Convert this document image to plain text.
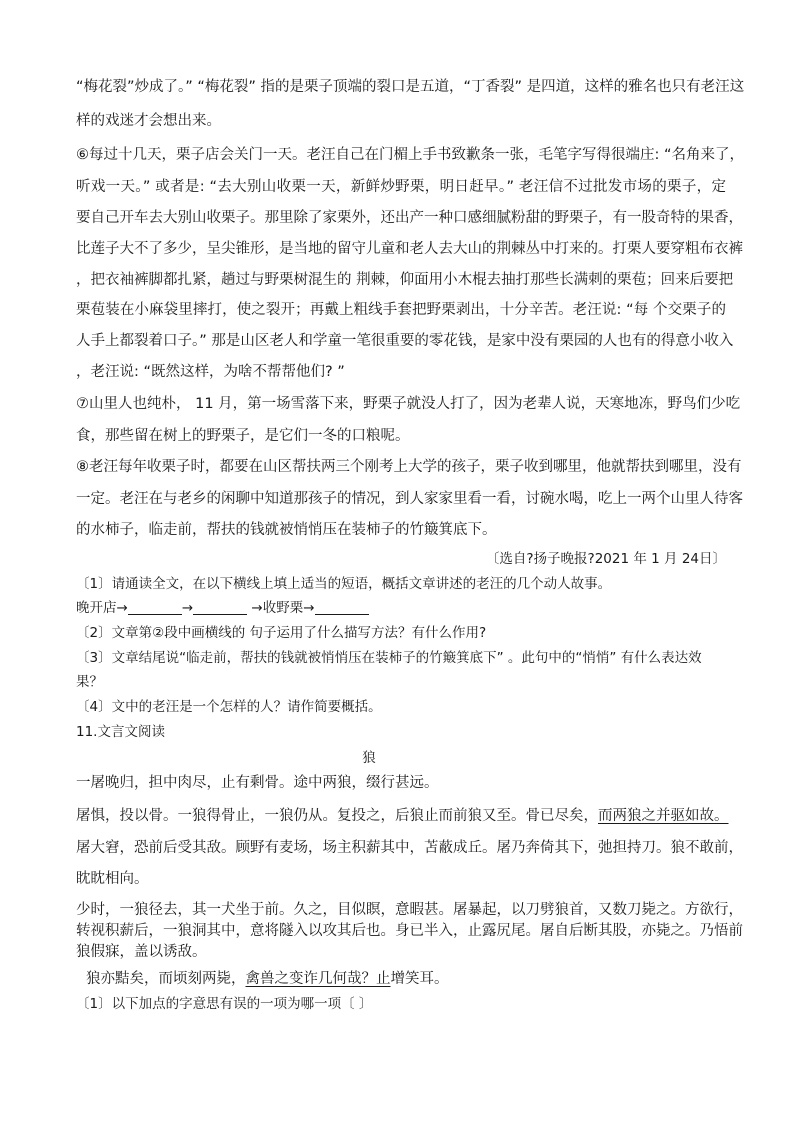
“梅花裂”炒成了。” “梅花裂” 指的是栗子顶端的裂口是五道，“丁香裂” 是四道，这样的雅名也只有老汪这
样的戏迷才会想出来。
⑥每过十几天，栗子店会关门一天。老汪自己在门楣上手书致歉条一张，毛笔字写得很端庄: “名角来了，
听戏一天。” 或者是: “去大别山收栗一天，新鲜炒野栗，明日赶早。” 老汪信不过批发市场的栗子，定
要自己开车去大别山收栗子。那里除了家栗外，还出产一种口感细腻粉甜的野栗子，有一股奇特的果香，
比莲子大不了多少，呈尖锥形，是当地的留守儿童和老人去大山的荆棘丛中打来的。打栗人要穿粗布衣裤
，把衣袖裤脚都扎紧，趟过与野栗树混生的 荆棘，仰面用小木棍去抽打那些长满刺的栗苞；回来后要把
栗苞装在小麻袋里摔打，使之裂开；再戴上粗线手套把野栗剥出，十分辛苦。老汪说: “每 个交栗子的
人手上都裂着口子。” 那是山区老人和学童一笔很重要的零花钱，是家中没有栗园的人也有的得意小收入
，老汪说: “既然这样，为啥不帮帮他们? ”
⑦山里人也纯朴， 11 月，第一场雪落下来，野栗子就没人打了，因为老辈人说，天寒地冻，野鸟们少吃
食，那些留在树上的野栗子，是它们一冬的口粮呢。
⑧老汪每年收栗子时，都要在山区帮扶两三个刚考上大学的孩子，栗子收到哪里，他就帮扶到哪里，没有
一定。老汪在与老乡的闲聊中知道那孩子的情况，到人家家里看一看，讨碗水喝，吃上一两个山里人待客
的水柿子，临走前，帮扶的钱就被悄悄压在装柿子的竹簸箕底下。
〔选自?扬子晚报?2021 年 1 月 24日〕
〔1〕请通读全文，在以下横线上填上适当的短语，概括文章讲述的老汪的几个动人故事。
晚开店→	→	→收野栗→
〔2〕文章第②段中画横线的 句子运用了什么描写方法？有什么作用?
〔3〕文章结尾说“临走前，帮扶的钱就被悄悄压在装柿子的竹簸箕底下” 。此句中的“悄悄” 有什么表达效
果？
〔4〕文中的老汪是一个怎样的人？请作简要概括。
11.文言文阅读
狼
一屠晚归，担中肉尽，止有剩骨。途中两狼，缀行甚远。
屠惧，投以骨。一狼得骨止，一狼仍从。复投之，后狼止而前狼又至。骨已尽矣，而两狼之并驱如故。
屠大窘，恐前后受其敌。顾野有麦场，场主积薪其中，苫蔽成丘。屠乃奔倚其下，弛担持刀。狼不敢前，
眈眈相向。
少时，一狼径去，其一犬坐于前。久之，目似瞑，意暇甚。屠暴起，以刀劈狼首，又数刀毙之。方欲行，
转视积薪后，一狼洞其中，意将隧入以攻其后也。身已半入，止露尻尾。屠自后断其股，亦毙之。乃悟前
狼假寐，盖以诱敌。
狼亦黠矣，而顷刻两毙，禽兽之变诈几何哉？止增笑耳。
〔1〕以下加点的字意思有误的一项为哪一项〔 〕
